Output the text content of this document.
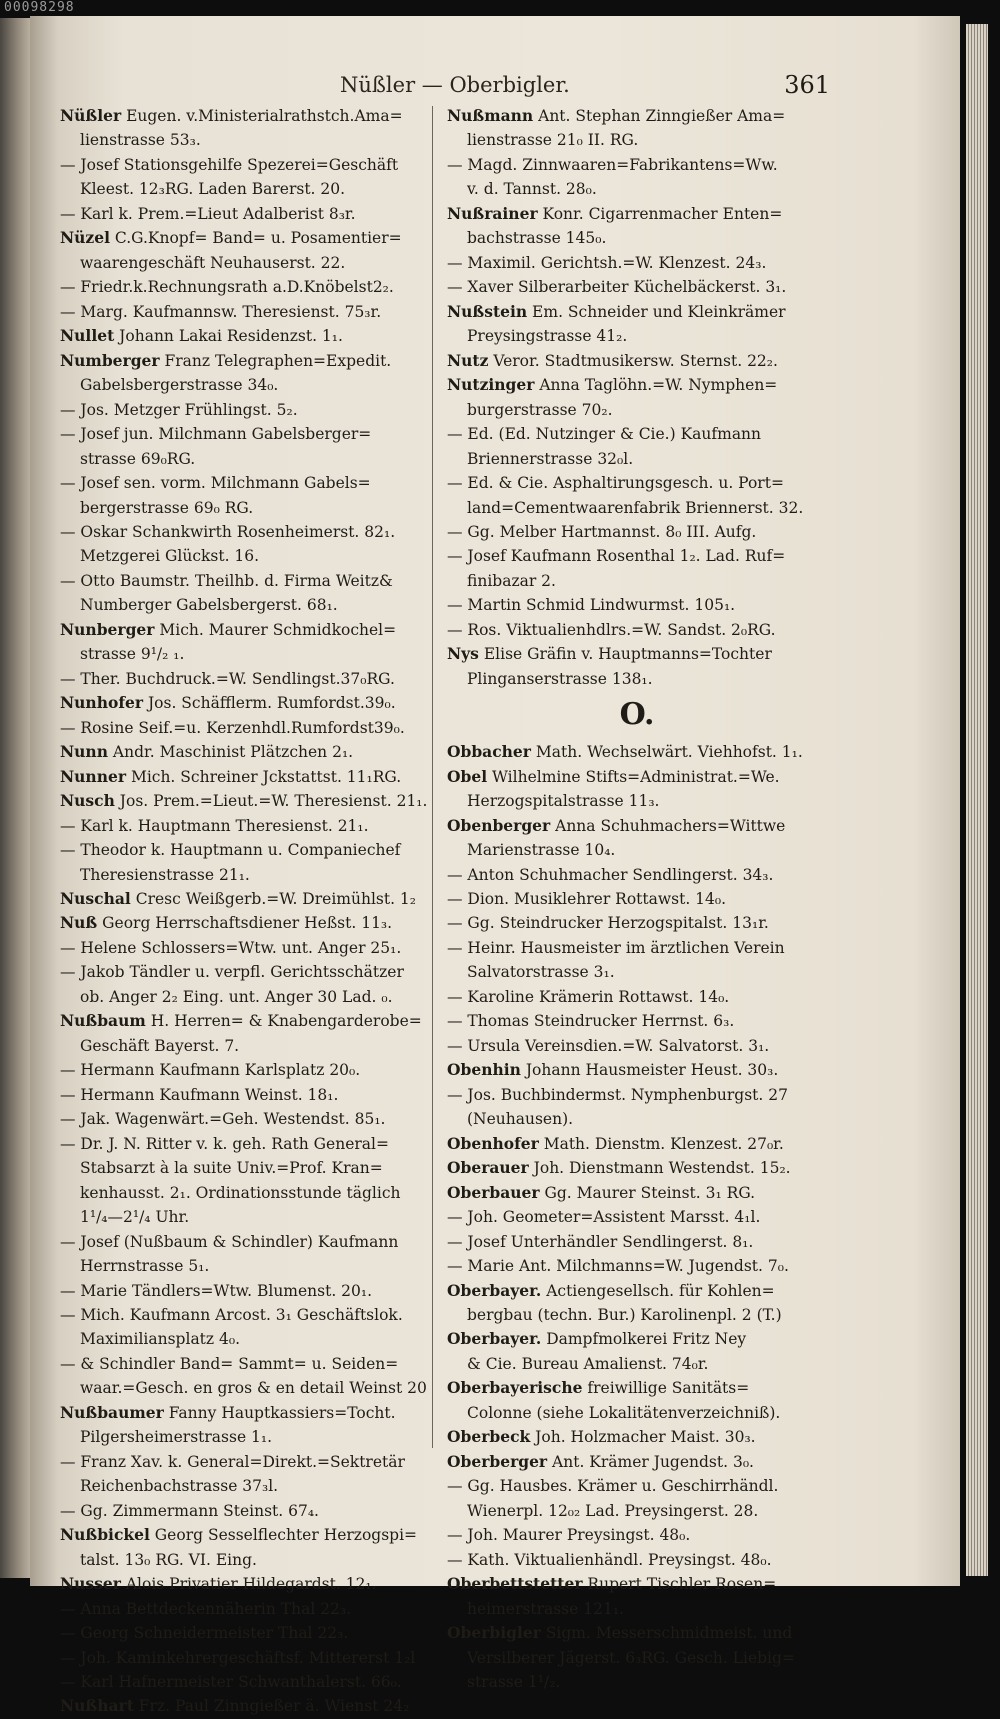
00098298
Nüßler — Oberbigler.	361
Nüßler Eugen. v.Ministerialrathstch.Ama=
lienstrasse 53₃.
— Josef Stationsgehilfe Spezerei=Geschäft
Kleest. 12₃RG. Laden Barerst. 20.
— Karl k. Prem.=Lieut Adalberist 8₃r.
Nüzel C.G.Knopf= Band= u. Posamentier=
waarengeschäft Neuhauserst. 22.
— Friedr.k.Rechnungsrath a.D.Knöbelst2₂.
— Marg. Kaufmannsw. Theresienst. 75₃r.
Nullet Johann Lakai Residenzst. 1₁.
Numberger Franz Telegraphen=Expedit.
Gabelsbergerstrasse 34₀.
— Jos. Metzger Frühlingst. 5₂.
— Josef jun. Milchmann Gabelsberger=
strasse 69₀RG.
— Josef sen. vorm. Milchmann Gabels=
bergerstrasse 69₀ RG.
— Oskar Schankwirth Rosenheimerst. 82₁.
Metzgerei Glückst. 16.
— Otto Baumstr. Theilhb. d. Firma Weitz&
Numberger Gabelsbergerst. 68₁.
Nunberger Mich. Maurer Schmidkochel=
strasse 9¹/₂ ₁.
— Ther. Buchdruck.=W. Sendlingst.37₀RG.
Nunhofer Jos. Schäfflerm. Rumfordst.39₀.
— Rosine Seif.=u. Kerzenhdl.Rumfordst39₀.
Nunn Andr. Maschinist Plätzchen 2₁.
Nunner Mich. Schreiner Jckstattst. 11₁RG.
Nusch Jos. Prem.=Lieut.=W. Theresienst. 21₁.
— Karl k. Hauptmann Theresienst. 21₁.
— Theodor k. Hauptmann u. Companiechef
Theresienstrasse 21₁.
Nuschal Cresc Weißgerb.=W. Dreimühlst. 1₂
Nuß Georg Herrschaftsdiener Heßst. 11₃.
— Helene Schlossers=Wtw. unt. Anger 25₁.
— Jakob Tändler u. verpfl. Gerichtsschätzer
ob. Anger 2₂ Eing. unt. Anger 30 Lad. ₀.
Nußbaum H. Herren= & Knabengarderobe=
Geschäft Bayerst. 7.
— Hermann Kaufmann Karlsplatz 20₀.
— Hermann Kaufmann Weinst. 18₁.
— Jak. Wagenwärt.=Geh. Westendst. 85₁.
— Dr. J. N. Ritter v. k. geh. Rath General=
Stabsarzt à la suite Univ.=Prof. Kran=
kenhausst. 2₁. Ordinationsstunde täglich
1¹/₄—2¹/₄ Uhr.
— Josef (Nußbaum & Schindler) Kaufmann
Herrnstrasse 5₁.
— Marie Tändlers=Wtw. Blumenst. 20₁.
— Mich. Kaufmann Arcost. 3₁ Geschäftslok.
Maximiliansplatz 4₀.
— & Schindler Band= Sammt= u. Seiden=
waar.=Gesch. en gros & en detail Weinst 20
Nußbaumer Fanny Hauptkassiers=Tocht.
Pilgersheimerstrasse 1₁.
— Franz Xav. k. General=Direkt.=Sektretär
Reichenbachstrasse 37₃l.
— Gg. Zimmermann Steinst. 67₄.
Nußbickel Georg Sesselflechter Herzogspi=
talst. 13₀ RG. VI. Eing.
Nusser Alois Privatier Hildegardst. 12₁.
— Anna Bettdeckennäherin Thal 22₃.
— Georg Schneidermeister Thal 22₃.
— Joh. Kaminkehrergeschäftsf. Mittererst 1₂l
— Karl Hafnermeister Schwanthalerst. 66₀.
Nußhart Frz. Paul Zinngießer ä. Wienst 24₂
Nußmann Ant. Stephan Zinngießer Ama=
lienstrasse 21₀ II. RG.
— Magd. Zinnwaaren=Fabrikantens=Ww.
v. d. Tannst. 28₀.
Nußrainer Konr. Cigarrenmacher Enten=
bachstrasse 145₀.
— Maximil. Gerichtsh.=W. Klenzest. 24₃.
— Xaver Silberarbeiter Küchelbäckerst. 3₁.
Nußstein Em. Schneider und Kleinkrämer
Preysingstrasse 41₂.
Nutz Veror. Stadtmusikersw. Sternst. 22₂.
Nutzinger Anna Taglöhn.=W. Nymphen=
burgerstrasse 70₂.
— Ed. (Ed. Nutzinger & Cie.) Kaufmann
Briennerstrasse 32₀l.
— Ed. & Cie. Asphaltirungsgesch. u. Port=
land=Cementwaarenfabrik Briennerst. 32.
— Gg. Melber Hartmannst. 8₀ III. Aufg.
— Josef Kaufmann Rosenthal 1₂. Lad. Ruf=
finibazar 2.
— Martin Schmid Lindwurmst. 105₁.
— Ros. Viktualienhdlrs.=W. Sandst. 2₀RG.
Nys Elise Gräfin v. Hauptmanns=Tochter
Plinganserstrasse 138₁.
O.
Obbacher Math. Wechselwärt. Viehhofst. 1₁.
Obel Wilhelmine Stifts=Administrat.=We.
Herzogspitalstrasse 11₃.
Obenberger Anna Schuhmachers=Wittwe
Marienstrasse 10₄.
— Anton Schuhmacher Sendlingerst. 34₃.
— Dion. Musiklehrer Rottawst. 14₀.
— Gg. Steindrucker Herzogspitalst. 13₁r.
— Heinr. Hausmeister im ärztlichen Verein
Salvatorstrasse 3₁.
— Karoline Krämerin Rottawst. 14₀.
— Thomas Steindrucker Herrnst. 6₃.
— Ursula Vereinsdien.=W. Salvatorst. 3₁.
Obenhin Johann Hausmeister Heust. 30₃.
— Jos. Buchbindermst. Nymphenburgst. 27
(Neuhausen).
Obenhofer Math. Dienstm. Klenzest. 27₀r.
Oberauer Joh. Dienstmann Westendst. 15₂.
Oberbauer Gg. Maurer Steinst. 3₁ RG.
— Joh. Geometer=Assistent Marsst. 4₁l.
— Josef Unterhändler Sendlingerst. 8₁.
— Marie Ant. Milchmanns=W. Jugendst. 7₀.
Oberbayer. Actiengesellsch. für Kohlen=
bergbau (techn. Bur.) Karolinenpl. 2 (T.)
Oberbayer. Dampfmolkerei Fritz Ney
& Cie. Bureau Amalienst. 74₀r.
Oberbayerische freiwillige Sanitäts=
Colonne (siehe Lokalitätenverzeichniß).
Oberbeck Joh. Holzmacher Maist. 30₃.
Oberberger Ant. Krämer Jugendst. 3₀.
— Gg. Hausbes. Krämer u. Geschirrhändl.
Wienerpl. 12₀₂ Lad. Preysingerst. 28.
— Joh. Maurer Preysingst. 48₀.
— Kath. Viktualienhändl. Preysingst. 48₀.
Oberbettstetter Rupert Tischler Rosen=
heimerstrasse 121₁.
Oberbigler Sigm. Messerschmidmeist. und
Versilberer Jägerst. 6₃RG. Gesch. Liebig=
strasse 1¹/₂.
